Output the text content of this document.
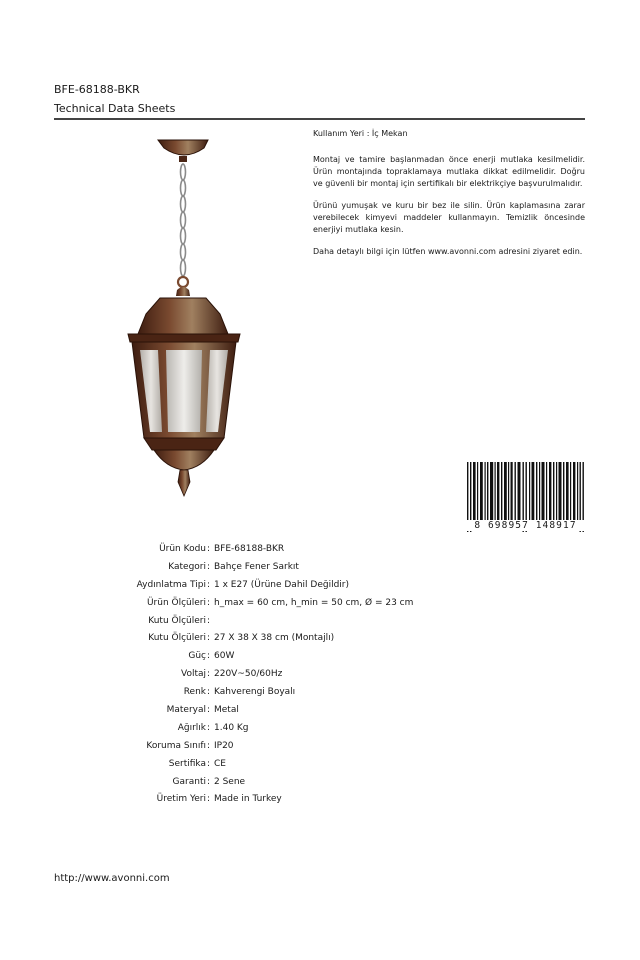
BFE-68188-BKR
Technical Data Sheets

Kullanım Yeri : İç Mekan

Montaj ve tamire başlanmadan önce enerji mutlaka kesilmelidir. Ürün montajında topraklamaya mutlaka dikkat edilmelidir. Doğru ve güvenli bir montaj için sertifikalı bir elektrikçiye başvurulmalıdır.

Ürünü yumuşak ve kuru bir bez ile silin. Ürün kaplamasına zarar verebilecek kimyevi maddeler kullanmayın. Temizlik öncesinde enerjiyi mutlaka kesin.

Daha detaylı bilgi için lütfen www.avonni.com adresini ziyaret edin.

8 698957 148917
Ürün Kodu : BFE-68188-BKR
Kategori : Bahçe Fener Sarkıt
Aydınlatma Tipi : 1 x E27 (Ürüne Dahil Değildir)
Ürün Ölçüleri : h_max = 60 cm, h_min = 50 cm, Ø = 23 cm
Kutu Ölçüleri :
Kutu Ölçüleri : 27 X 38 X 38 cm (Montajlı)
Güç : 60W
Voltaj : 220V~50/60Hz
Renk : Kahverengi Boyalı
Materyal : Metal
Ağırlık : 1.40 Kg
Koruma Sınıfı : IP20
Sertifika : CE
Garanti : 2 Sene
Üretim Yeri : Made in Turkey
http://www.avonni.com
